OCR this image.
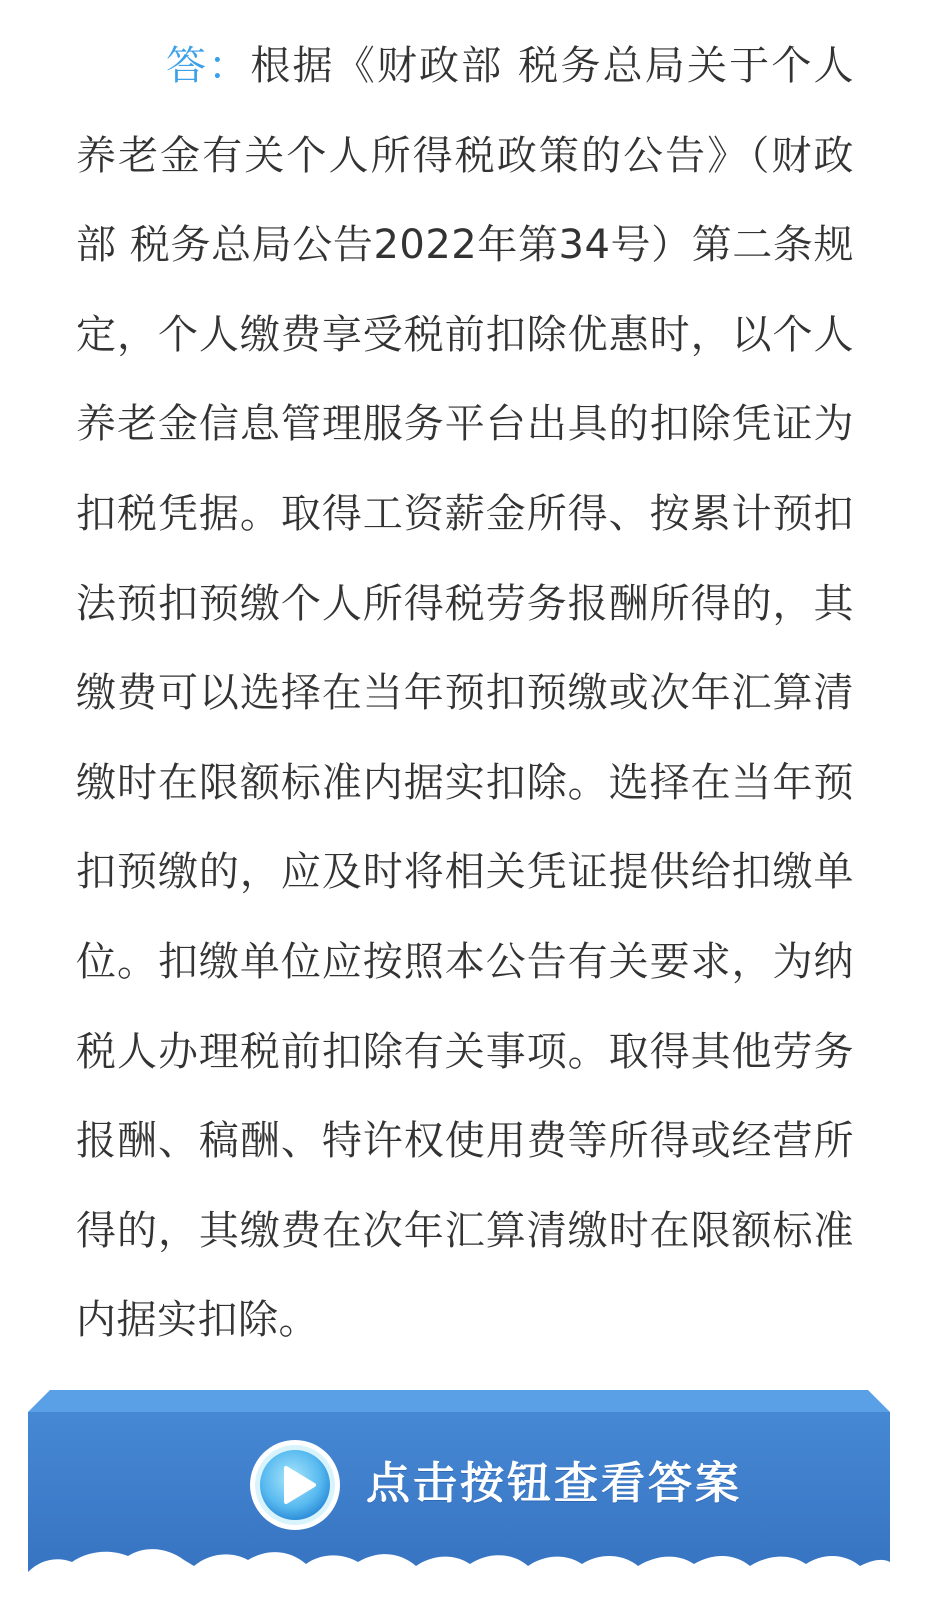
答：根据《财政部 税务总局关于个人养老金有关个人所得税政策的公告》（财政部 税务总局公告2022年第34号）第二条规定，个人缴费享受税前扣除优惠时，以个人养老金信息管理服务平台出具的扣除凭证为扣税凭据。取得工资薪金所得、按累计预扣法预扣预缴个人所得税劳务报酬所得的，其缴费可以选择在当年预扣预缴或次年汇算清缴时在限额标准内据实扣除。选择在当年预扣预缴的，应及时将相关凭证提供给扣缴单位。扣缴单位应按照本公告有关要求，为纳税人办理税前扣除有关事项。取得其他劳务报酬、稿酬、特许权使用费等所得或经营所得的，其缴费在次年汇算清缴时在限额标准内据实扣除。

点击按钮查看答案
